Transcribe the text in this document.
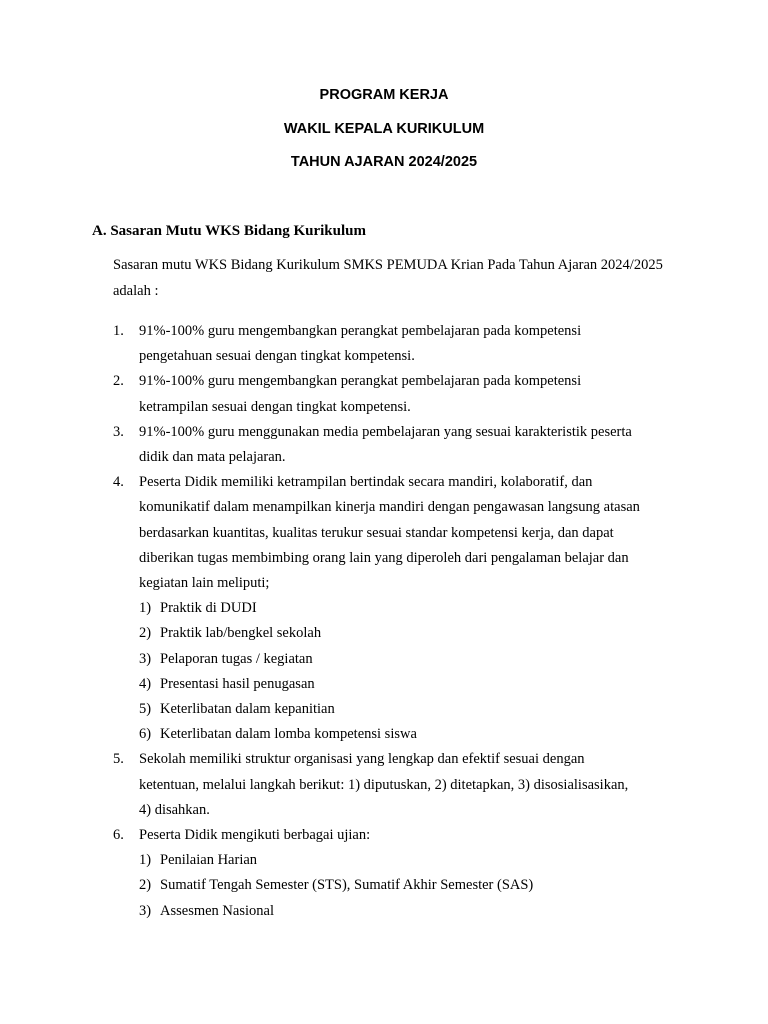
PROGRAM KERJA
WAKIL KEPALA KURIKULUM
TAHUN AJARAN 2024/2025
A. Sasaran Mutu WKS Bidang Kurikulum
Sasaran mutu WKS Bidang Kurikulum SMKS PEMUDA Krian Pada Tahun Ajaran 2024/2025 adalah :
1.	91%-100% guru mengembangkan perangkat pembelajaran pada kompetensi
pengetahuan sesuai dengan tingkat kompetensi.
2.	91%-100% guru mengembangkan perangkat pembelajaran pada kompetensi
ketrampilan sesuai dengan tingkat kompetensi.
3.	91%-100% guru menggunakan media pembelajaran yang sesuai karakteristik peserta
didik dan mata pelajaran.
4.	Peserta Didik memiliki ketrampilan bertindak secara mandiri, kolaboratif, dan
komunikatif dalam menampilkan kinerja mandiri dengan pengawasan langsung atasan
berdasarkan kuantitas, kualitas terukur sesuai standar kompetensi kerja, dan dapat
diberikan tugas membimbing orang lain yang diperoleh dari pengalaman belajar dan
kegiatan lain meliputi;
1) Praktik di DUDI
2) Praktik lab/bengkel sekolah
3) Pelaporan tugas / kegiatan
4) Presentasi hasil penugasan
5) Keterlibatan dalam kepanitian
6) Keterlibatan dalam lomba kompetensi siswa
5.	Sekolah memiliki struktur organisasi yang lengkap dan efektif sesuai dengan
ketentuan, melalui langkah berikut: 1) diputuskan, 2) ditetapkan, 3) disosialisasikan,
4) disahkan.
6.	Peserta Didik mengikuti berbagai ujian:
1) Penilaian Harian
2) Sumatif Tengah Semester (STS), Sumatif Akhir Semester (SAS)
3) Assesmen Nasional
